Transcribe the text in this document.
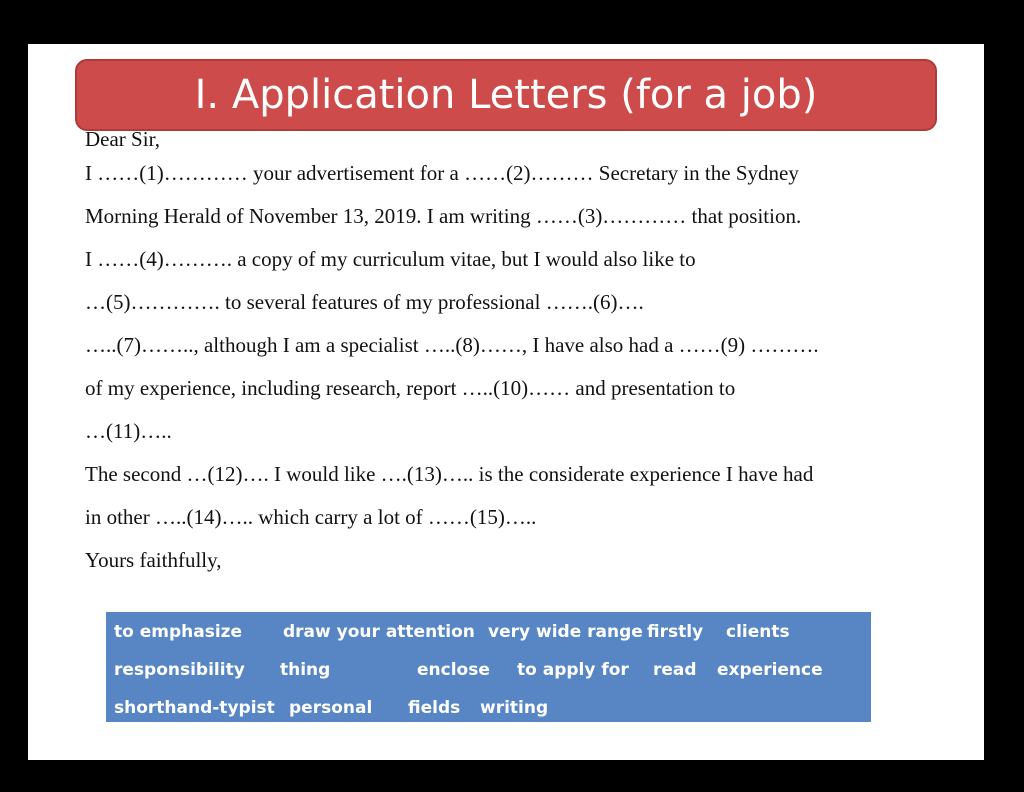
I. Application Letters (for a job)
Dear Sir,
I ……(1)………… your advertisement for a ……(2)……… Secretary in the Sydney
Morning Herald of November 13, 2019. I am writing ……(3)………… that position.
I ……(4)………. a copy of my curriculum vitae, but I would also like to
…(5)…………. to several features of my professional …….(6)….
…..(7)…….., although I am a specialist …..(8)……, I have also had a ……(9) ……….
of my experience, including research, report …..(10)…… and presentation to
…(11)…..
The second …(12)…. I would like ….(13)….. is the considerate experience I have had
in other …..(14)….. which carry a lot of ……(15)…..
Yours faithfully,
to emphasize draw your attention very wide range firstly clients
responsibility thing	enclose to apply for read experience
shorthand-typist personal fields writing
